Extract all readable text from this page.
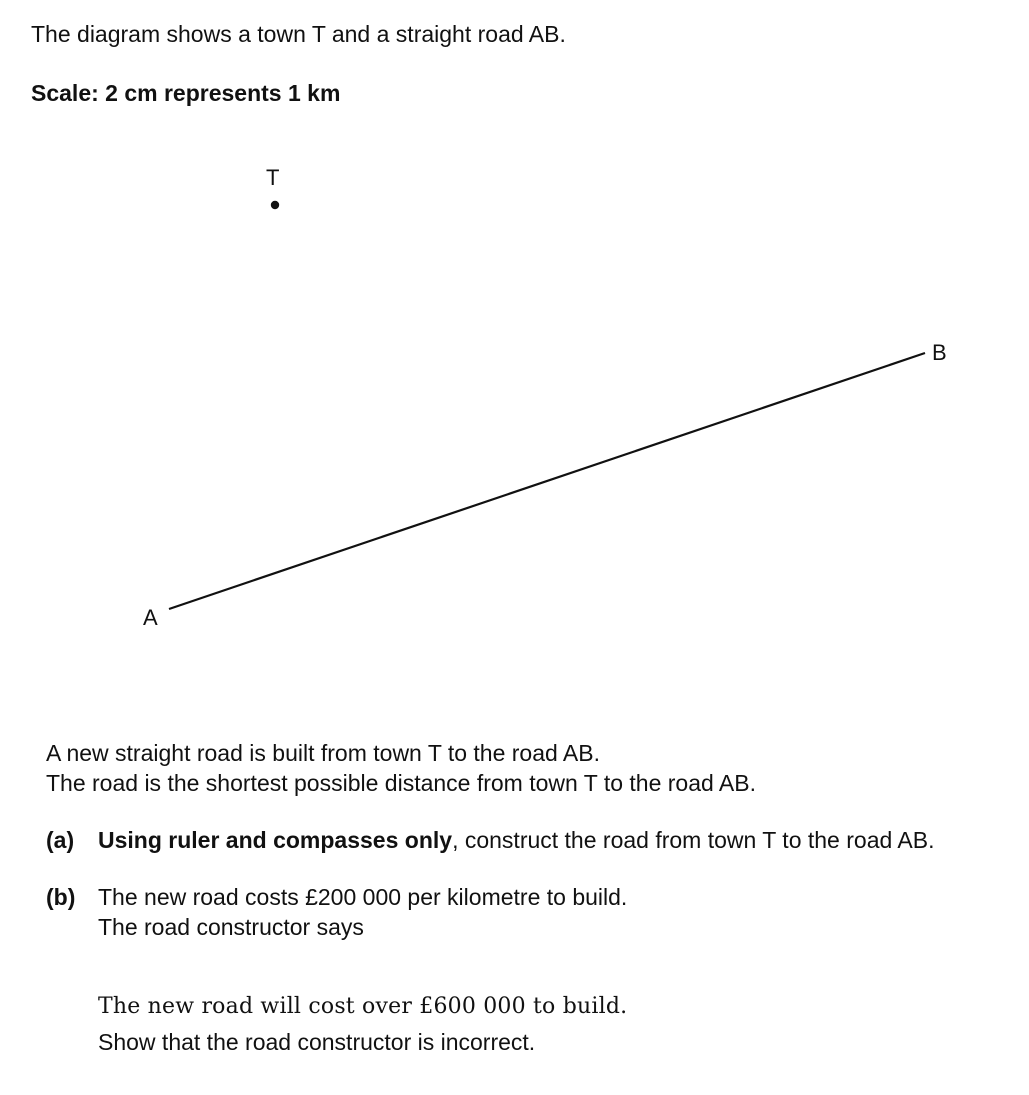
The diagram shows a town T and a straight road AB.

Scale: 2 cm represents 1 km

T
A
B

A new straight road is built from town T to the road AB.

The road is the shortest possible distance from town T to the road AB.

(a) Using ruler and compasses only, construct the road from town T to the road AB.

(b) The new road costs £200 000 per kilometre to build.

The road constructor says

The new road will cost over £600 000 to build.

Show that the road constructor is incorrect.
